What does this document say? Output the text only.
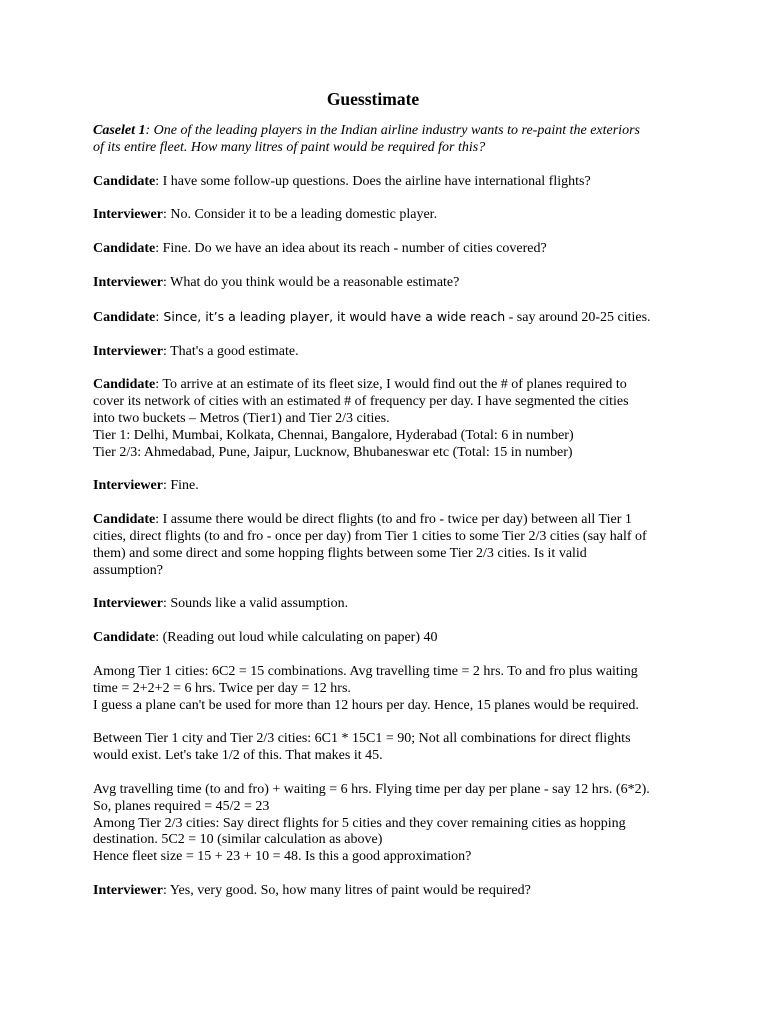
Guesstimate

Caselet 1: One of the leading players in the Indian airline industry wants to re-paint the exteriors of its entire fleet. How many litres of paint would be required for this?

Candidate: I have some follow-up questions. Does the airline have international flights?

Interviewer: No. Consider it to be a leading domestic player.

Candidate: Fine. Do we have an idea about its reach - number of cities covered?

Interviewer: What do you think would be a reasonable estimate?

Candidate: Since, it’s a leading player, it would have a wide reach - say around 20-25 cities.

Interviewer: That's a good estimate.

Candidate: To arrive at an estimate of its fleet size, I would find out the # of planes required to cover its network of cities with an estimated # of frequency per day. I have segmented the cities into two buckets – Metros (Tier1) and Tier 2/3 cities.
Tier 1: Delhi, Mumbai, Kolkata, Chennai, Bangalore, Hyderabad (Total: 6 in number)
Tier 2/3: Ahmedabad, Pune, Jaipur, Lucknow, Bhubaneswar etc (Total: 15 in number)

Interviewer: Fine.

Candidate: I assume there would be direct flights (to and fro - twice per day) between all Tier 1 cities, direct flights (to and fro - once per day) from Tier 1 cities to some Tier 2/3 cities (say half of them) and some direct and some hopping flights between some Tier 2/3 cities. Is it valid assumption?

Interviewer: Sounds like a valid assumption.

Candidate: (Reading out loud while calculating on paper) 40

Among Tier 1 cities: 6C2 = 15 combinations. Avg travelling time = 2 hrs. To and fro plus waiting time = 2+2+2 = 6 hrs. Twice per day = 12 hrs.
I guess a plane can't be used for more than 12 hours per day. Hence, 15 planes would be required.

Between Tier 1 city and Tier 2/3 cities: 6C1 * 15C1 = 90; Not all combinations for direct flights would exist. Let's take 1/2 of this. That makes it 45.

Avg travelling time (to and fro) + waiting = 6 hrs. Flying time per day per plane - say 12 hrs. (6*2). So, planes required = 45/2 = 23
Among Tier 2/3 cities: Say direct flights for 5 cities and they cover remaining cities as hopping destination. 5C2 = 10 (similar calculation as above)
Hence fleet size = 15 + 23 + 10 = 48. Is this a good approximation?

Interviewer: Yes, very good. So, how many litres of paint would be required?
